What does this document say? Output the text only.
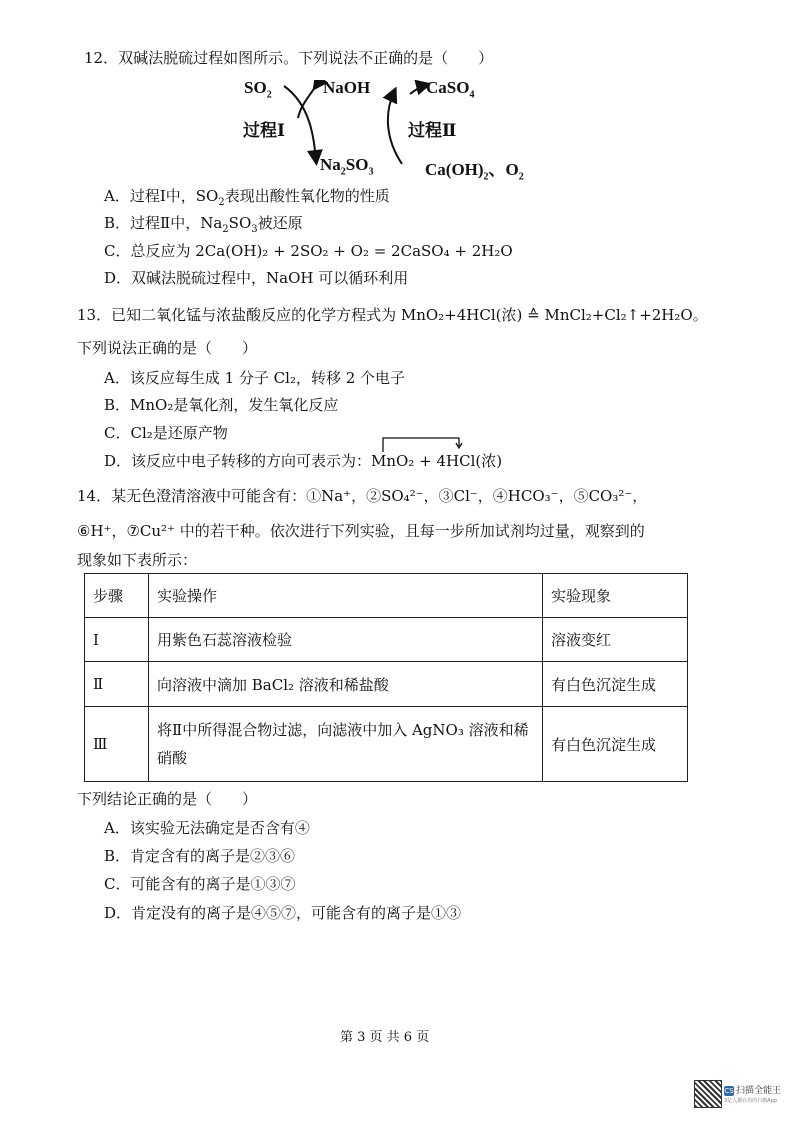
12．双碱法脱硫过程如图所示。下列说法不正确的是（　　）
$SO_2$	NaOH	CaSO$_4$
过程Ⅰ	过程Ⅱ
$Na_2SO_3$	$Ca(OH)_2$、$O_2$
A．过程Ⅰ中，$SO_2$表现出酸性氧化物的性质
B．过程Ⅱ中，$Na_2SO_3$被还原
C．总反应为 2Ca(OH)₂ + 2SO₂ + O₂ = 2CaSO₄ + 2H₂O
D．双碱法脱硫过程中，NaOH 可以循环利用
13．已知二氧化锰与浓盐酸反应的化学方程式为 MnO₂+4HCl(浓) ≙ MnCl₂+Cl₂↑+2H₂O。
下列说法正确的是（　　）
A．该反应每生成 1 分子 Cl₂，转移 2 个电子
B．MnO₂是氧化剂，发生氧化反应
C．Cl₂是还原产物
D．该反应中电子转移的方向可表示为：MnO₂ + 4HCl(浓)
14．某无色澄清溶液中可能含有：①Na⁺，②SO₄²⁻，③Cl⁻，④HCO₃⁻，⑤CO₃²⁻，
⑥H⁺，⑦Cu²⁺ 中的若干种。依次进行下列实验，且每一步所加试剂均过量，观察到的
现象如下表所示：
步骤	实验操作	实验现象
Ⅰ	用紫色石蕊溶液检验	溶液变红
Ⅱ	向溶液中滴加 BaCl₂ 溶液和稀盐酸	有白色沉淀生成
Ⅲ	将Ⅱ中所得混合物过滤，向滤液中加入 AgNO₃ 溶液和稀硝酸	有白色沉淀生成
下列结论正确的是（　　）
A．该实验无法确定是否含有④
B．肯定含有的离子是②③⑥
C．可能含有的离子是①③⑦
D．肯定没有的离子是④⑤⑦，可能含有的离子是①③
第 3 页 共 6 页
CS 扫描全能王
3亿人都在用的扫描App
